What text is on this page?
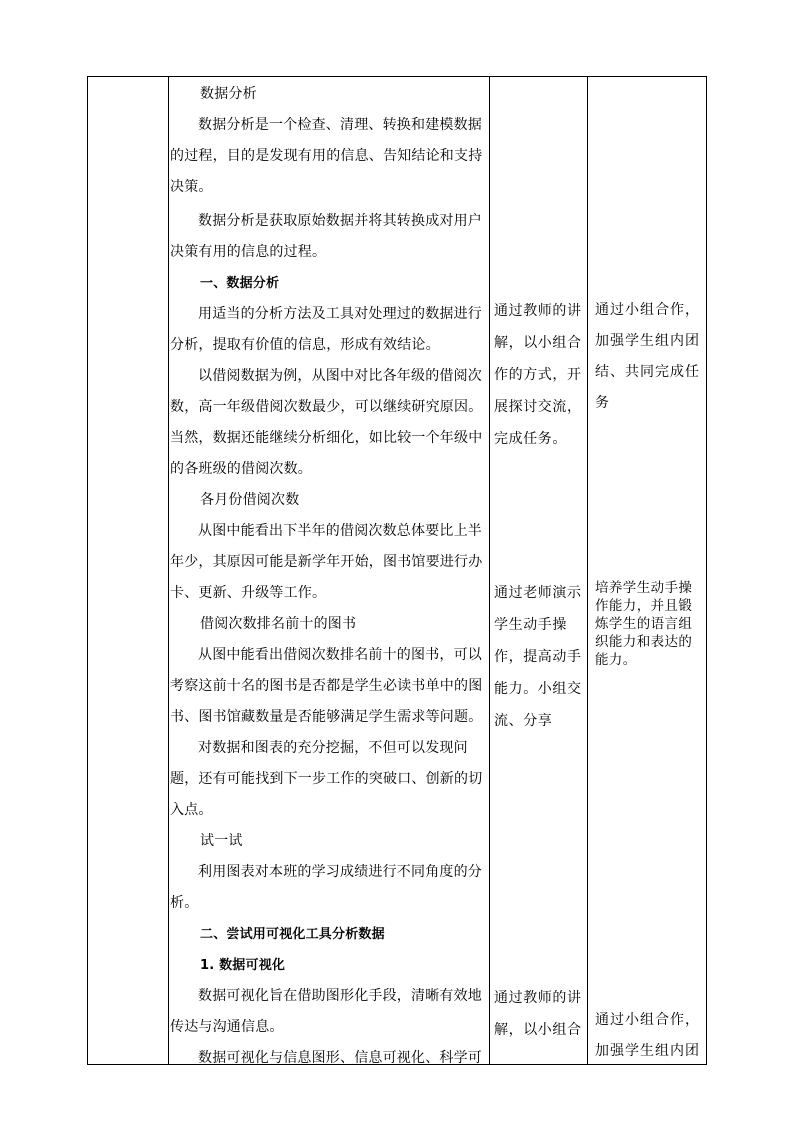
数据分析

数据分析是一个检查、清理、转换和建模数据的过程，目的是发现有用的信息、告知结论和支持决策。

数据分析是获取原始数据并将其转换成对用户决策有用的信息的过程。

一、数据分析

用适当的分析方法及工具对处理过的数据进行分析，提取有价值的信息，形成有效结论。

以借阅数据为例，从图中对比各年级的借阅次数，高一年级借阅次数最少，可以继续研究原因。当然，数据还能继续分析细化，如比较一个年级中的各班级的借阅次数。

各月份借阅次数

从图中能看出下半年的借阅次数总体要比上半年少，其原因可能是新学年开始，图书馆要进行办卡、更新、升级等工作。

借阅次数排名前十的图书

从图中能看出借阅次数排名前十的图书，可以考察这前十名的图书是否都是学生必读书单中的图书、图书馆藏数量是否能够满足学生需求等问题。

对数据和图表的充分挖掘，不但可以发现问题，还有可能找到下一步工作的突破口、创新的切入点。

试一试

利用图表对本班的学习成绩进行不同角度的分析。

二、尝试用可视化工具分析数据

1. 数据可视化

数据可视化旨在借助图形化手段，清晰有效地传达与沟通信息。

数据可视化与信息图形、信息可视化、科学可

通过教师的讲解，以小组合作的方式，开展探讨交流，完成任务。
通过老师演示学生动手操作，提高动手能力。小组交流、分享
通过教师的讲解，以小组合
通过小组合作，加强学生组内团结、共同完成任务
培养学生动手操作能力，并且锻炼学生的语言组织能力和表达的能力。
通过小组合作，加强学生组内团
